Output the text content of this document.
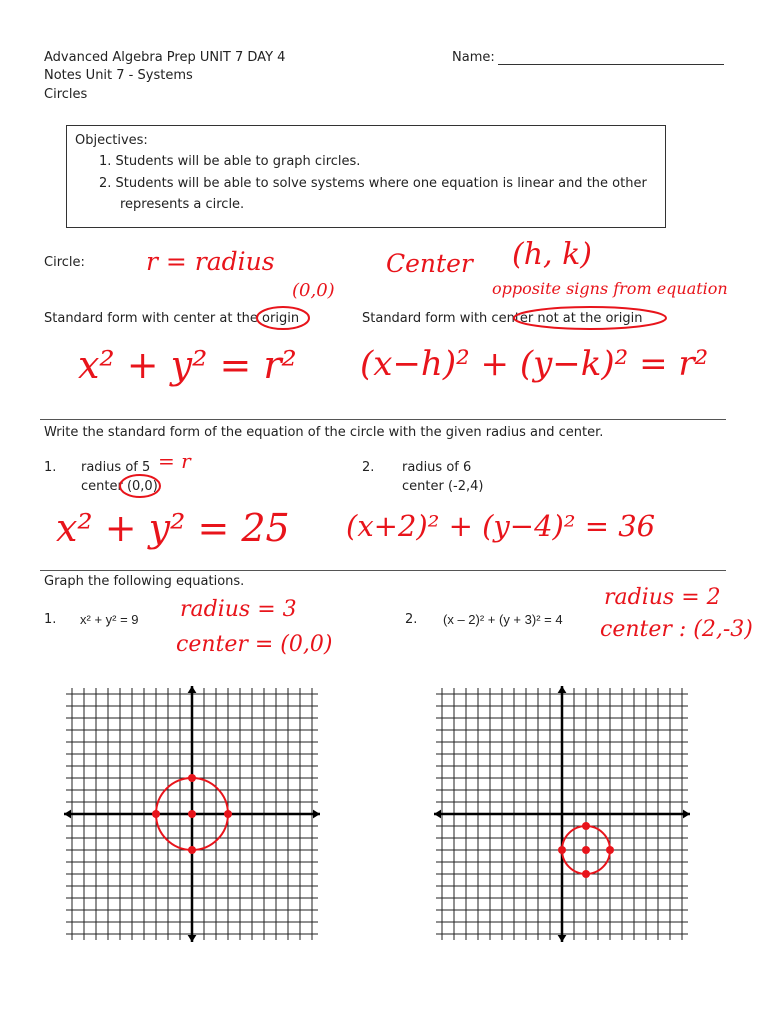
Advanced Algebra Prep UNIT 7 DAY 4
Notes Unit 7 - Systems
Circles
Name:
Objectives:
1. Students will be able to graph circles.
2. Students will be able to solve systems where one equation is linear and the other
represents a circle.
Circle: r = radius	Center (h, k)
opposite signs from equation
(0,0)
Standard form with center at the origin	Standard form with center not at the origin
x² + y² = r² (x−h)² + (y−k)² = r²
Write the standard form of the equation of the circle with the given radius and center.
1. radius of 5
center (0,0)
= r
x² + y² = 25
2. radius of 6
center (-2,4)
(x+2)² + (y−4)² = 36
Graph the following equations.
1. x² + y² = 9 radius = 3
center = (0,0)
2. (x – 2)² + (y + 3)² = 4
radius = 2
center : (2,-3)
